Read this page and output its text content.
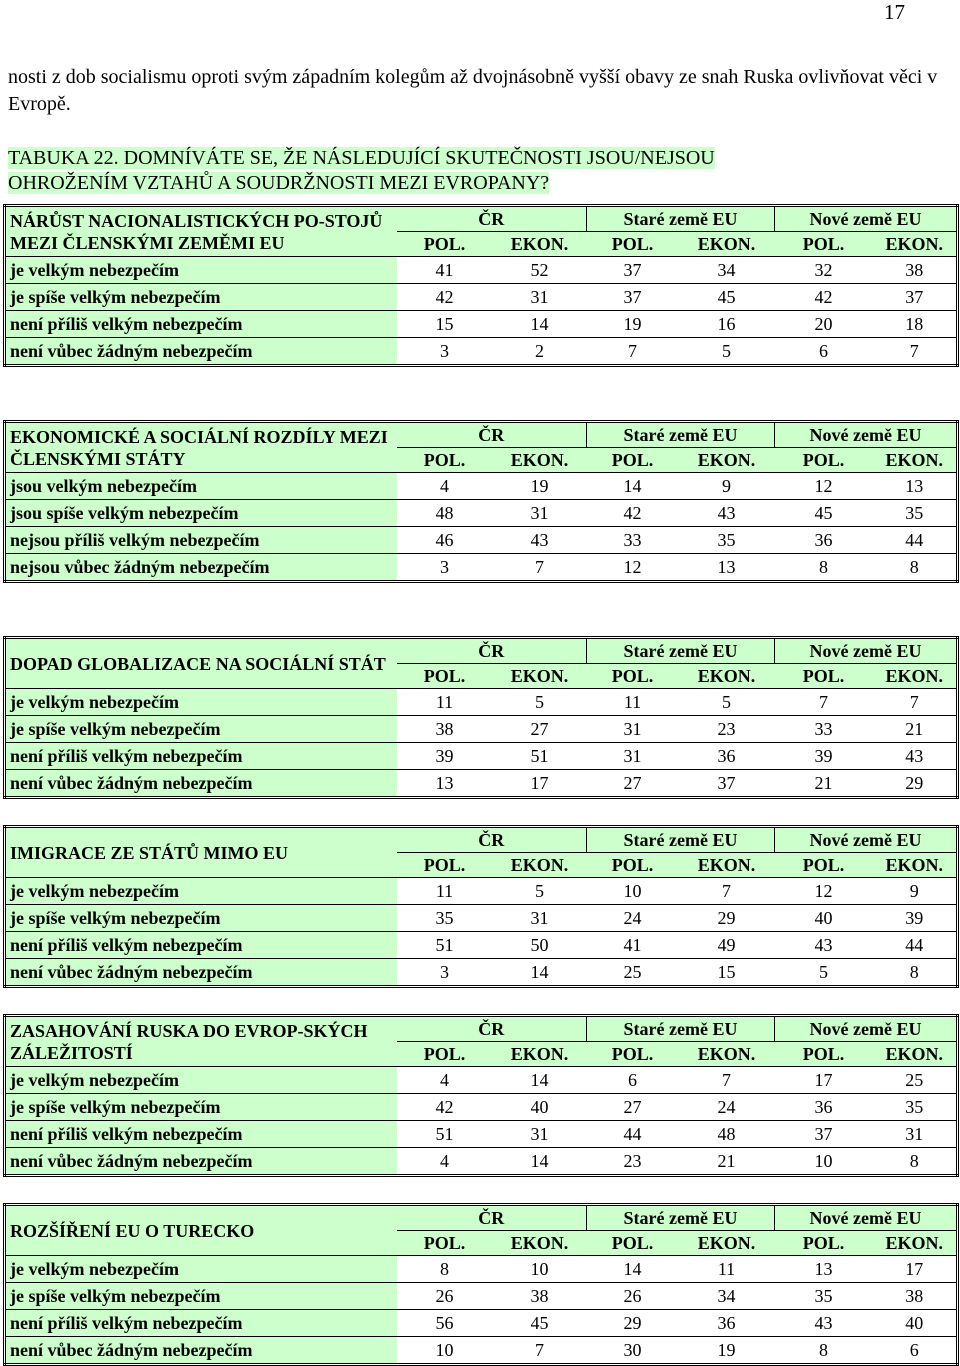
17
nosti z dob socialismu oproti svým západním kolegům až dvojnásobně vyšší obavy ze snah Ruska ovlivňovat věci v Evropě.
TABUKA 22. DOMNÍVÁTE SE, ŽE NÁSLEDUJÍCÍ SKUTEČNOSTI JSOU/NEJSOU
OHROŽENÍM VZTAHŮ A SOUDRŽNOSTI MEZI EVROPANY?
NÁRŮST NACIONALISTICKÝCH PO-STOJŮ MEZI ČLENSKÝMI ZEMĚMI EU	ČR		Staré země EU		Nové země EU	
	POL.	EKON.	POL.	EKON.	POL.	EKON.
je velkým nebezpečím	41	52	37	34	32	38
je spíše velkým nebezpečím	42	31	37	45	42	37
není příliš velkým nebezpečím	15	14	19	16	20	18
není vůbec žádným nebezpečím	3	2	7	5	6	7
EKONOMICKÉ A SOCIÁLNÍ ROZDÍLY MEZI ČLENSKÝMI STÁTY	ČR		Staré země EU		Nové země EU	
	POL.	EKON.	POL.	EKON.	POL.	EKON.
jsou velkým nebezpečím	4	19	14	9	12	13
jsou spíše velkým nebezpečím	48	31	42	43	45	35
nejsou příliš velkým nebezpečím	46	43	33	35	36	44
nejsou vůbec žádným nebezpečím	3	7	12	13	8	8
DOPAD GLOBALIZACE NA SOCIÁLNÍ STÁT	ČR		Staré země EU		Nové země EU	
	POL.	EKON.	POL.	EKON.	POL.	EKON.
je velkým nebezpečím	11	5	11	5	7	7
je spíše velkým nebezpečím	38	27	31	23	33	21
není příliš velkým nebezpečím	39	51	31	36	39	43
není vůbec žádným nebezpečím	13	17	27	37	21	29
IMIGRACE ZE STÁTŮ MIMO EU	ČR		Staré země EU		Nové země EU	
	POL.	EKON.	POL.	EKON.	POL.	EKON.
je velkým nebezpečím	11	5	10	7	12	9
je spíše velkým nebezpečím	35	31	24	29	40	39
není příliš velkým nebezpečím	51	50	41	49	43	44
není vůbec žádným nebezpečím	3	14	25	15	5	8
ZASAHOVÁNÍ RUSKA DO EVROP-SKÝCH ZÁLEŽITOSTÍ	ČR		Staré země EU		Nové země EU	
	POL.	EKON.	POL.	EKON.	POL.	EKON.
je velkým nebezpečím	4	14	6	7	17	25
je spíše velkým nebezpečím	42	40	27	24	36	35
není příliš velkým nebezpečím	51	31	44	48	37	31
není vůbec žádným nebezpečím	4	14	23	21	10	8
ROZŠÍŘENÍ EU O TURECKO	ČR		Staré země EU		Nové země EU	
	POL.	EKON.	POL.	EKON.	POL.	EKON.
je velkým nebezpečím	8	10	14	11	13	17
je spíše velkým nebezpečím	26	38	26	34	35	38
není příliš velkým nebezpečím	56	45	29	36	43	40
není vůbec žádným nebezpečím	10	7	30	19	8	6
